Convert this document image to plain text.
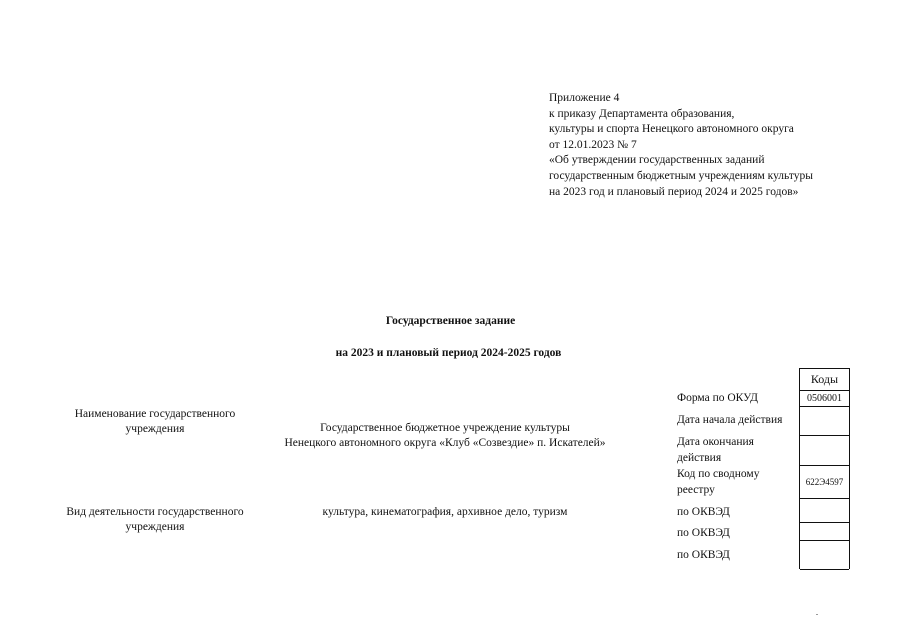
Приложение 4
к приказу Департамента образования,
культуры и спорта Ненецкого автономного округа
от 12.01.2023 № 7
«Об утверждении государственных заданий
государственным бюджетным учреждениям культуры
на 2023 год и плановый период 2024 и 2025 годов»
Государственное задание
на 2023 и плановый период 2024-2025 годов
Наименование государственного
учреждения	Государственное бюджетное учреждение культуры
Ненецкого автономного округа «Клуб «Созвездие» п. Искателей»
Вид деятельности государственного
учреждения
культура, кинематография, архивное дело, туризм
Форма по ОКУД
Дата начала действия
Дата окончания
действия
Код по сводному
реестру
по ОКВЭД
по ОКВЭД
по ОКВЭД
Коды
0506001
622Э4597
